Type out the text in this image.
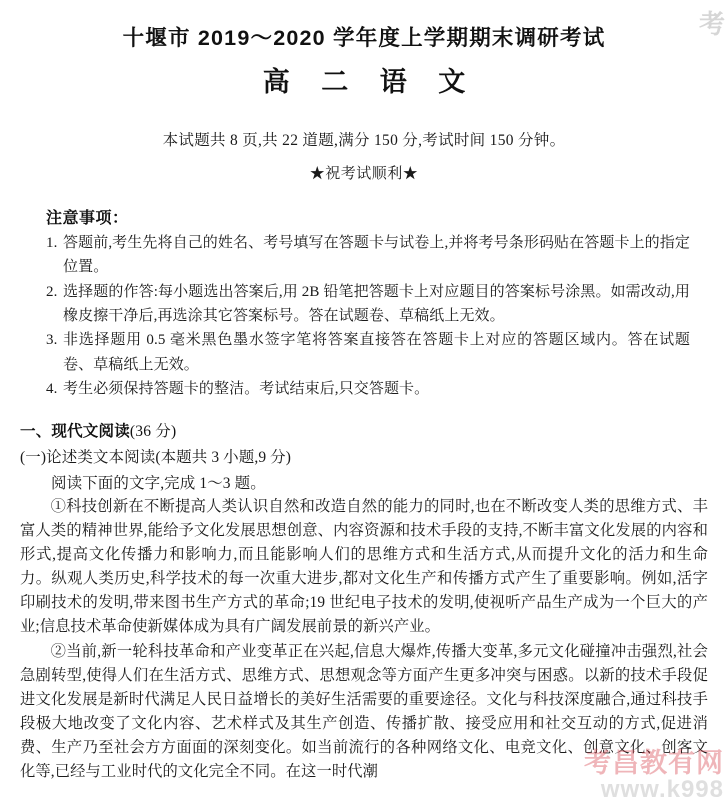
考
考昌教有网
www.k998
十堰市 2019～2020 学年度上学期期末调研考试
高 二 语 文

本试题共 8 页,共 22 道题,满分 150 分,考试时间 150 分钟。

★祝考试顺利★

注意事项：
1. 答题前,考生先将自己的姓名、考号填写在答题卡与试卷上,并将考号条形码贴在答题卡上的指定位置。
2. 选择题的作答:每小题选出答案后,用 2B 铅笔把答题卡上对应题目的答案标号涂黑。如需改动,用橡皮擦干净后,再选涂其它答案标号。答在试题卷、草稿纸上无效。
3. 非选择题用 0.5 毫米黑色墨水签字笔将答案直接答在答题卡上对应的答题区域内。答在试题卷、草稿纸上无效。
4. 考生必须保持答题卡的整洁。考试结束后,只交答题卡。
一、现代文阅读(36 分)
(一)论述类文本阅读(本题共 3 小题,9 分)
阅读下面的文字,完成 1～3 题。

①科技创新在不断提高人类认识自然和改造自然的能力的同时,也在不断改变人类的思维方式、丰富人类的精神世界,能给予文化发展思想创意、内容资源和技术手段的支持,不断丰富文化发展的内容和形式,提高文化传播力和影响力,而且能影响人们的思维方式和生活方式,从而提升文化的活力和生命力。纵观人类历史,科学技术的每一次重大进步,都对文化生产和传播方式产生了重要影响。例如,活字印刷技术的发明,带来图书生产方式的革命;19 世纪电子技术的发明,使视听产品生产成为一个巨大的产业;信息技术革命使新媒体成为具有广阔发展前景的新兴产业。

②当前,新一轮科技革命和产业变革正在兴起,信息大爆炸,传播大变革,多元文化碰撞冲击强烈,社会急剧转型,使得人们在生活方式、思维方式、思想观念等方面产生更多冲突与困惑。以新的技术手段促进文化发展是新时代满足人民日益增长的美好生活需要的重要途径。文化与科技深度融合,通过科技手段极大地改变了文化内容、艺术样式及其生产创造、传播扩散、接受应用和社交互动的方式,促进消费、生产乃至社会方方面面的深刻变化。如当前流行的各种网络文化、电竞文化、创意文化、创客文化等,已经与工业时代的文化完全不同。在这一时代潮
